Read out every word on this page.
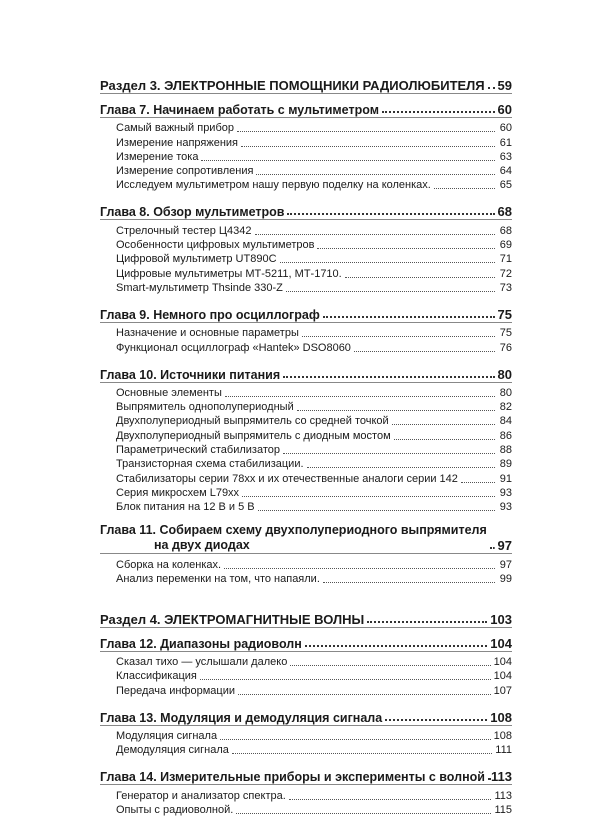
Раздел 3. ЭЛЕКТРОННЫЕ ПОМОЩНИКИ РАДИОЛЮБИТЕЛЯ 59
Глава 7. Начинаем работать с мультиметром	60
Самый важный прибор	60
Измерение напряжения	61
Измерение тока	63
Измерение сопротивления	64
Исследуем мультиметром нашу первую поделку на коленках.	65
Глава 8. Обзор мультиметров	68
Стрелочный тестер Ц4342	68
Особенности цифровых мультиметров	69
Цифровой мультиметр UT890C	71
Цифровые мультиметры МТ-5211, МТ-1710.	72
Smart-мультиметр Thsinde 330-Z	73
Глава 9. Немного про осциллограф	75
Назначение и основные параметры	75
Функционал осциллограф «Hantek» DSO8060	76
Глава 10. Источники питания	80
Основные элементы	80
Выпрямитель однополупериодный	82
Двухполупериодный выпрямитель со средней точкой	84
Двухполупериодный выпрямитель с диодным мостом	86
Параметрический стабилизатор	88
Транзисторная схема стабилизации.	89
Стабилизаторы серии 78хх и их отечественные аналоги серии 142	91
Серия микросхем L79хх	93
Блок питания на 12 В и 5 В	93
Глава 11. Собираем схему двухполупериодного выпрямителя
на двух диодах	97
Сборка на коленках.	97
Анализ переменки на том, что напаяли.	99
Раздел 4. ЭЛЕКТРОМАГНИТНЫЕ ВОЛНЫ	103
Глава 12. Диапазоны радиоволн	104
Сказал тихо — услышали далеко	104
Классификация	104
Передача информации	107
Глава 13. Модуляция и демодуляция сигнала	108
Модуляция сигнала	108
Демодуляция сигнала	111
Глава 14. Измерительные приборы и эксперименты с волной 113
Генератор и анализатор спектра.	113
Опыты с радиоволной.	115
